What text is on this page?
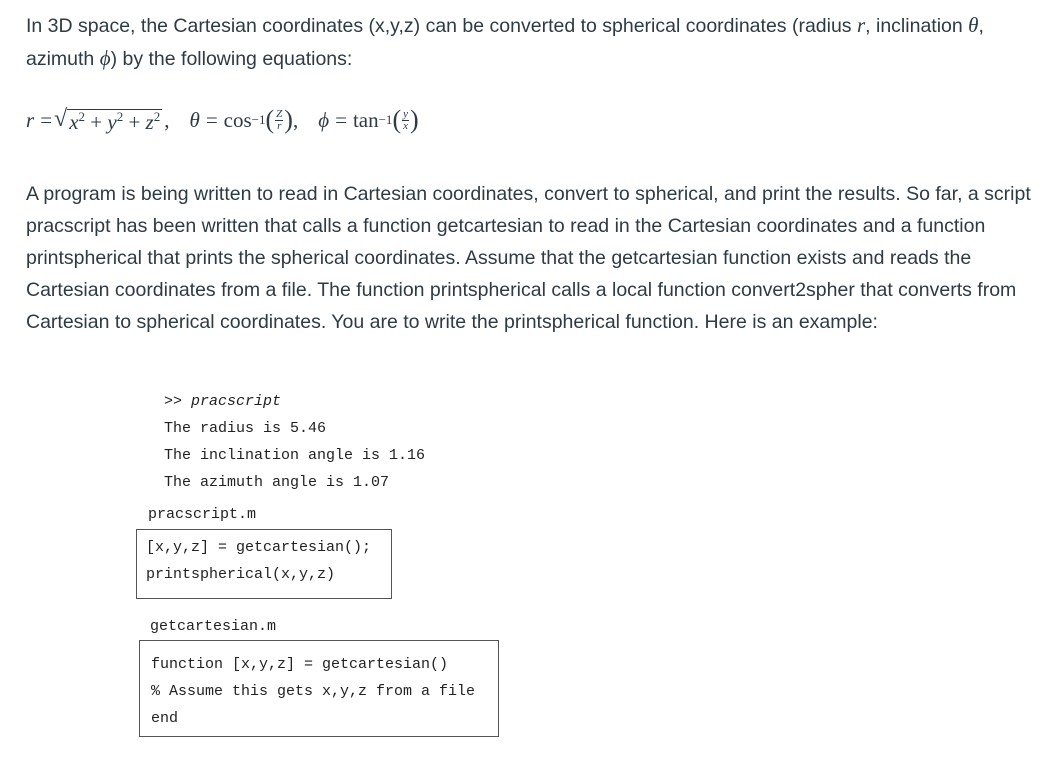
In 3D space, the Cartesian coordinates (x,y,z) can be converted to spherical coordinates (radius r, inclination θ, azimuth ϕ) by the following equations:

r = √ $x^2 + y^2 + z^2$ , θ = cos −1 ( $\frac{Z}{r}$ ) , ϕ = tan −1 ( $\frac{y}{x}$ )

A program is being written to read in Cartesian coordinates, convert to spherical, and print the results. So far, a script pracscript has been written that calls a function getcartesian to read in the Cartesian coordinates and a function printspherical that prints the spherical coordinates. Assume that the getcartesian function exists and reads the Cartesian coordinates from a file. The function printspherical calls a local function convert2spher that converts from Cartesian to spherical coordinates. You are to write the printspherical function. Here is an example:

>> pracscript
The radius is 5.46
The inclination angle is 1.16
The azimuth angle is 1.07
pracscript.m
[x,y,z] = getcartesian();
printspherical(x,y,z)
getcartesian.m
function [x,y,z] = getcartesian()
% Assume this gets x,y,z from a file
end
